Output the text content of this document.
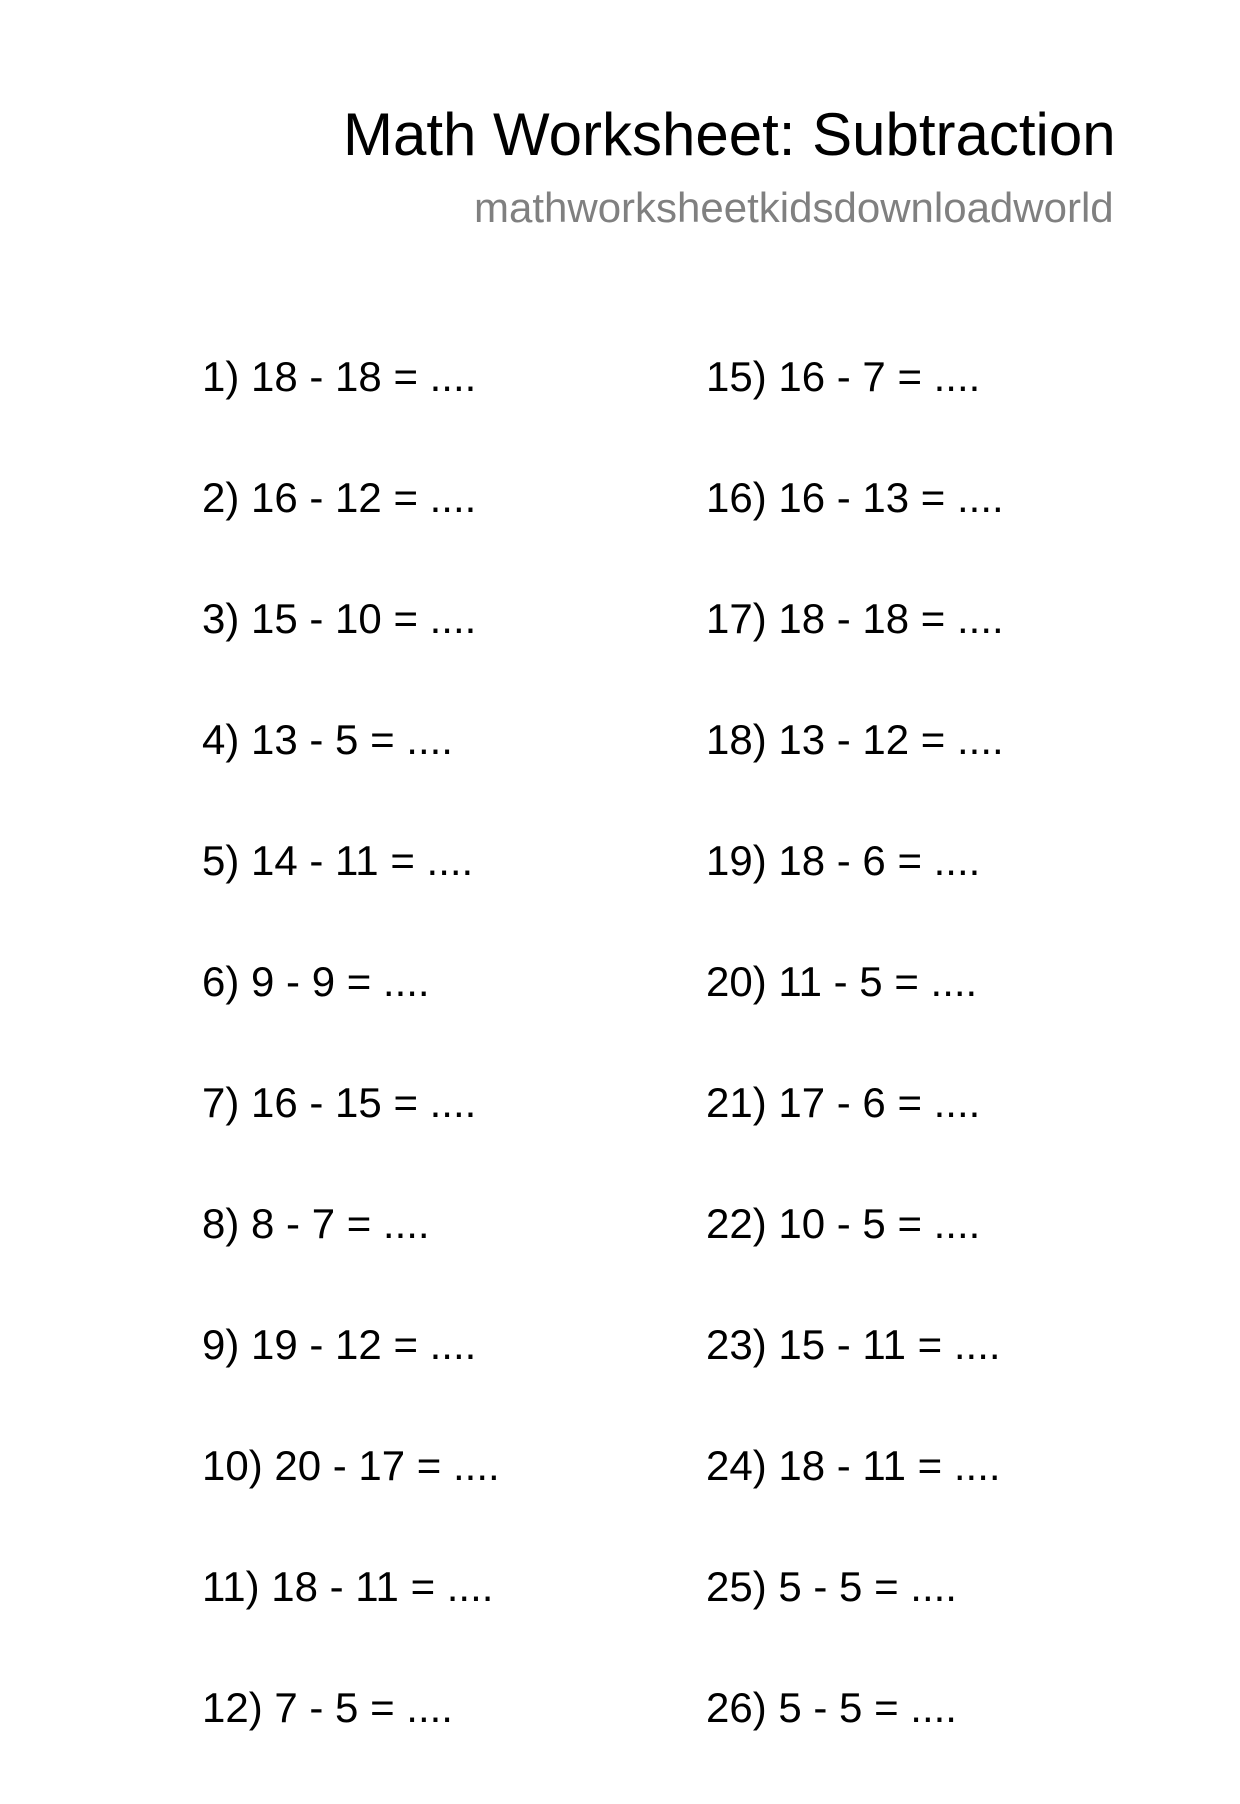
Math Worksheet: Subtraction
mathworksheetkidsdownloadworld
1) 18 - 18 = ....
2) 16 - 12 = ....
3) 15 - 10 = ....
4) 13 - 5 = ....
5) 14 - 11 = ....
6) 9 - 9 = ....
7) 16 - 15 = ....
8) 8 - 7 = ....
9) 19 - 12 = ....
10) 20 - 17 = ....
11) 18 - 11 = ....
12) 7 - 5 = ....
15) 16 - 7 = ....
16) 16 - 13 = ....
17) 18 - 18 = ....
18) 13 - 12 = ....
19) 18 - 6 = ....
20) 11 - 5 = ....
21) 17 - 6 = ....
22) 10 - 5 = ....
23) 15 - 11 = ....
24) 18 - 11 = ....
25) 5 - 5 = ....
26) 5 - 5 = ....
